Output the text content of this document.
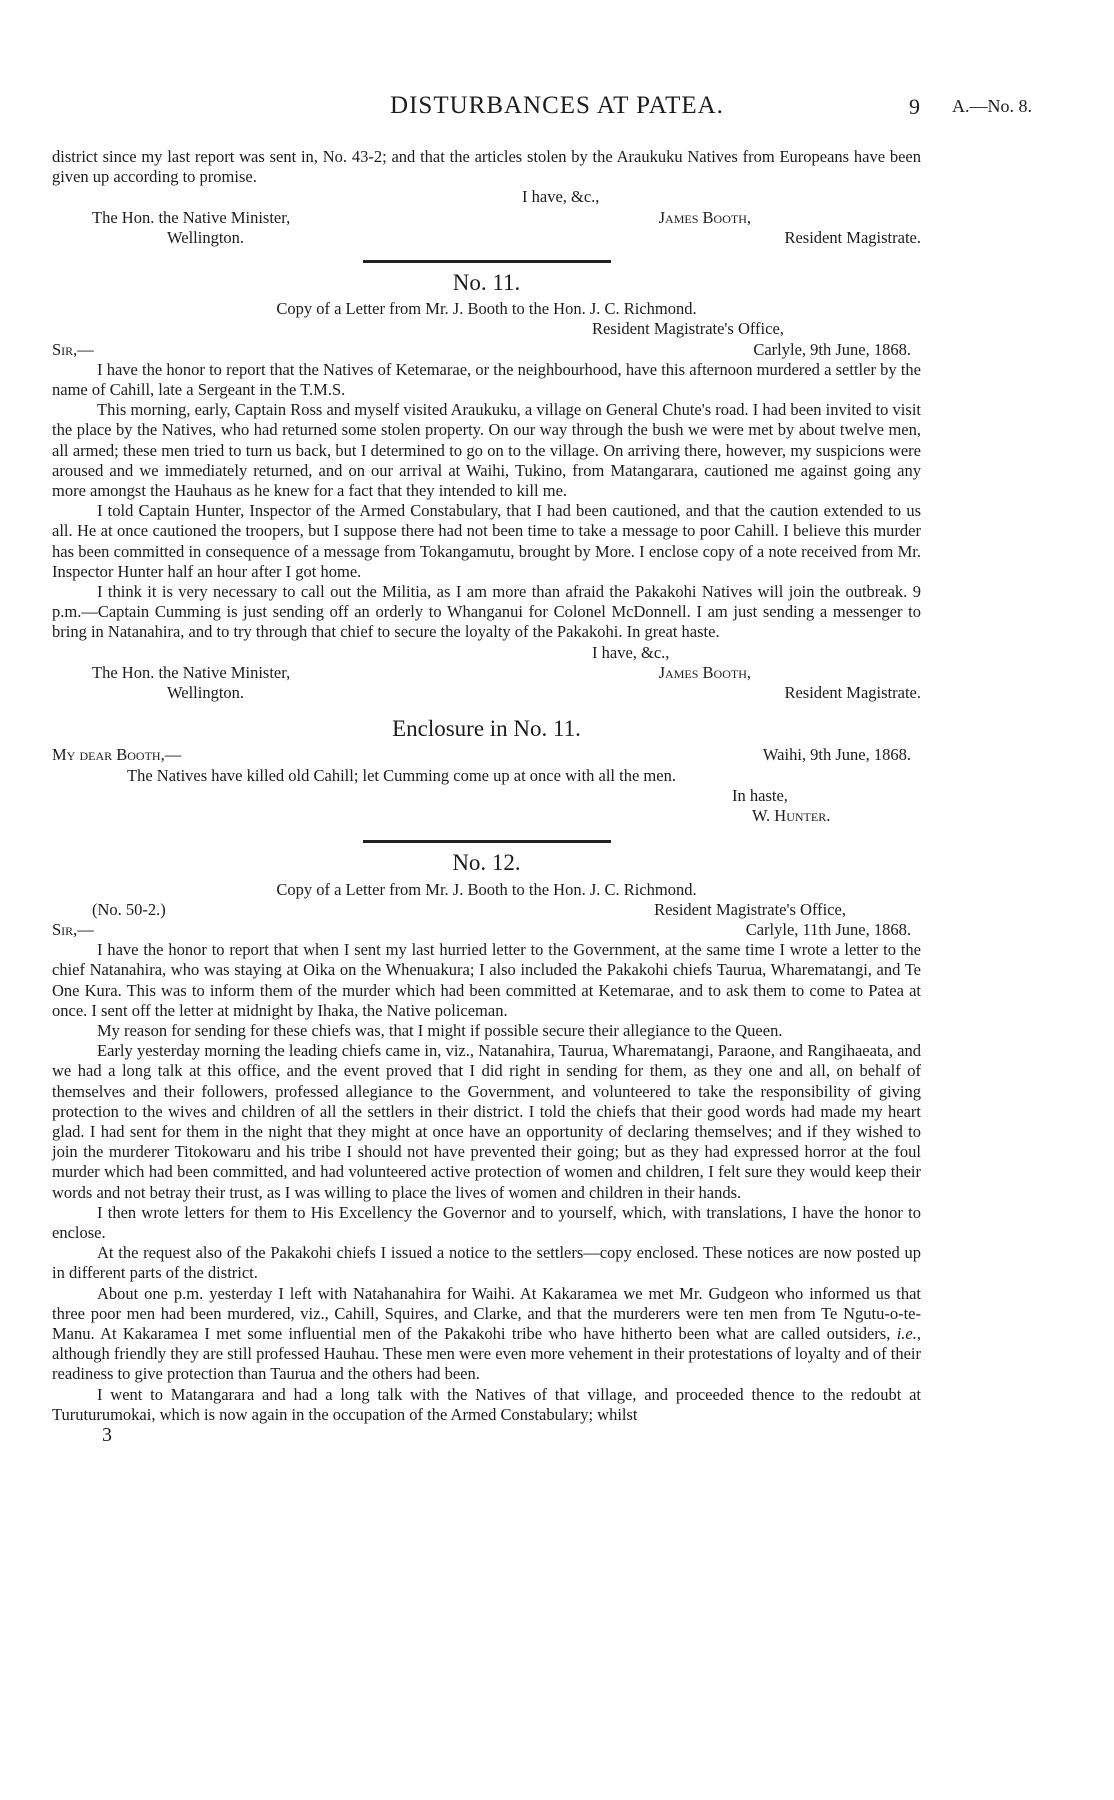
DISTURBANCES AT PATEA.	9 A.—No. 8.

district since my last report was sent in, No. 43-2; and that the articles stolen by the Araukuku Natives from Europeans have been given up according to promise.

I have, &c.,
The Hon. the Native Minister,	James Booth,
Wellington.	Resident Magistrate.
No. 11.
Copy of a Letter from Mr. J. Booth to the Hon. J. C. Richmond.
Resident Magistrate's Office,
Sir,—	Carlyle, 9th June, 1868.

I have the honor to report that the Natives of Ketemarae, or the neighbourhood, have this afternoon murdered a settler by the name of Cahill, late a Sergeant in the T.M.S.

This morning, early, Captain Ross and myself visited Araukuku, a village on General Chute's road. I had been invited to visit the place by the Natives, who had returned some stolen property. On our way through the bush we were met by about twelve men, all armed; these men tried to turn us back, but I determined to go on to the village. On arriving there, however, my suspicions were aroused and we immediately returned, and on our arrival at Waihi, Tukino, from Matangarara, cautioned me against going any more amongst the Hauhaus as he knew for a fact that they intended to kill me.

I told Captain Hunter, Inspector of the Armed Constabulary, that I had been cautioned, and that the caution extended to us all. He at once cautioned the troopers, but I suppose there had not been time to take a message to poor Cahill. I believe this murder has been committed in consequence of a message from Tokangamutu, brought by More. I enclose copy of a note received from Mr. Inspector Hunter half an hour after I got home.

I think it is very necessary to call out the Militia, as I am more than afraid the Pakakohi Natives will join the outbreak. 9 p.m.—Captain Cumming is just sending off an orderly to Whanganui for Colonel McDonnell. I am just sending a messenger to bring in Natanahira, and to try through that chief to secure the loyalty of the Pakakohi. In great haste.

I have, &c.,
The Hon. the Native Minister,	James Booth,
Wellington.	Resident Magistrate.
Enclosure in No. 11.
My dear Booth,—	Waihi, 9th June, 1868.

The Natives have killed old Cahill; let Cumming come up at once with all the men.

In haste,
W. Hunter.
No. 12.
Copy of a Letter from Mr. J. Booth to the Hon. J. C. Richmond.
(No. 50-2.)	Resident Magistrate's Office,
Sir,—	Carlyle, 11th June, 1868.

I have the honor to report that when I sent my last hurried letter to the Government, at the same time I wrote a letter to the chief Natanahira, who was staying at Oika on the Whenuakura; I also included the Pakakohi chiefs Taurua, Wharematangi, and Te One Kura. This was to inform them of the murder which had been committed at Ketemarae, and to ask them to come to Patea at once. I sent off the letter at midnight by Ihaka, the Native policeman.

My reason for sending for these chiefs was, that I might if possible secure their allegiance to the Queen.

Early yesterday morning the leading chiefs came in, viz., Natanahira, Taurua, Wharematangi, Paraone, and Rangihaeata, and we had a long talk at this office, and the event proved that I did right in sending for them, as they one and all, on behalf of themselves and their followers, professed allegiance to the Government, and volunteered to take the responsibility of giving protection to the wives and children of all the settlers in their district. I told the chiefs that their good words had made my heart glad. I had sent for them in the night that they might at once have an opportunity of declaring themselves; and if they wished to join the murderer Titokowaru and his tribe I should not have prevented their going; but as they had expressed horror at the foul murder which had been committed, and had volunteered active protection of women and children, I felt sure they would keep their words and not betray their trust, as I was willing to place the lives of women and children in their hands.

I then wrote letters for them to His Excellency the Governor and to yourself, which, with translations, I have the honor to enclose.

At the request also of the Pakakohi chiefs I issued a notice to the settlers—copy enclosed. These notices are now posted up in different parts of the district.

About one p.m. yesterday I left with Natahanahira for Waihi. At Kakaramea we met Mr. Gudgeon who informed us that three poor men had been murdered, viz., Cahill, Squires, and Clarke, and that the murderers were ten men from Te Ngutu-o-te-Manu. At Kakaramea I met some influential men of the Pakakohi tribe who have hitherto been what are called outsiders, i.e., although friendly they are still professed Hauhau. These men were even more vehement in their protestations of loyalty and of their readiness to give protection than Taurua and the others had been.

I went to Matangarara and had a long talk with the Natives of that village, and proceeded thence to the redoubt at Turuturumokai, which is now again in the occupation of the Armed Constabulary; whilst

3
